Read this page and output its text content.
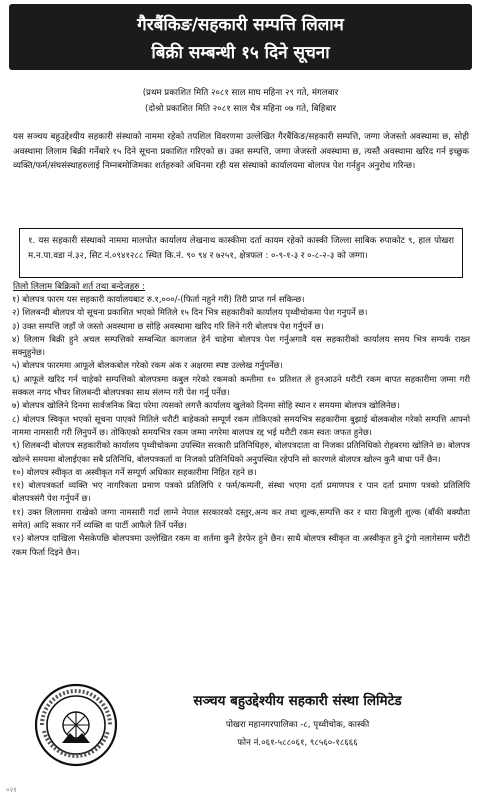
गैरबैंकिङ/सहकारी सम्पत्ति लिलाम
बिक्री सम्बन्धी १५ दिने सूचना
(प्रथम प्रकाशित मिति २०८१ साल माघ महिना २९ गते, मंगलबार
(दोश्रो प्रकाशित मिति २०८१ साल चैत्र महिना ०७ गते, बिहिबार

यस सञ्चय बहुउद्देश्यीय सहकारी संस्थाको नाममा रहेको तपशिल विवरणमा उल्लेखित गैरबैंकिङ/सहकारी सम्पत्ति, जग्गा जेजस्तो अवस्थामा छ, सोही अवस्थामा लिलाम बिक्री गर्नेबारे १५ दिने सूचना प्रकाशित गरिएको छ। उक्त सम्पत्ति, जग्गा जेजस्तो अवस्थामा छ, त्यस्तै अवस्थामा खरिद गर्न इच्छुक व्यक्ति/फर्म/संघसंस्थाहरुलाई निम्नबमोजिमका शर्तहरुको अधिनमा रही यस संस्थाको कार्यालयमा बोलपत्र पेश गर्नहुन अनुरोध गरिन्छ।

१. यस सहकारी संस्थाको नाममा मालपोत कार्यालय लेखनाथ कास्कीमा दर्ता कायम रहेको कास्की जिल्ला साबिक रुपाकोट ९, हाल पोखरा म.न.पा.वडा नं.३२, सिट नं.०९४१२८८ स्थित कि.नं. ९० ९४ र ७२५१, क्षेत्रफल : ०-९-१-३ र ०-८-२-३ को जग्गा।

तिलो लिलाम बिक्रिको शर्त तथा बन्देजहरु :
१) बोलपत्र फारम यस सहकारी कार्यालयबाट रु.१,०००/-(फिर्ता नहुने गरी) तिरी प्राप्त गर्न सकिन्छ।
२) शिलबन्दी बोलपत्र यो सूचना प्रकाशित भएको मितिले १५ दिन भित्र सहकारीको कार्यालय पृथ्वीचोकमा पेश गनुपर्ने छ।
३) उक्त सम्पत्ति जहाँ जे जस्तो अवस्थामा छ सोहि अवस्थामा खरिद गरि लिने गरी बोलपत्र पेश गर्नुपर्ने छ।
४) लिलाम बिक्री हुने अचल सम्पत्तिको सम्बन्धित कागजात हेर्न चाहेमा बोलपत्र पेश गर्नुअगावै यस सहकारीको कार्यालय समय भित्र सम्पर्क राख्न सक्नुहुनेछ।
५) बोलपत्र फारममा आफूले बोलकबोल गरेको रकम अंक र अक्षरमा स्पष्ट उल्लेख गर्नुपर्नेछ।
६) आफूले खरिद गर्न चाहेको सम्पत्तिको बोलपत्रमा कबुल गरेको रकमको कम्तीमा १० प्रतिशत ले हुनआउने धरौटी रकम बापत सहकारीमा जम्मा गरी सक्कल नगद भौचर शिलबन्दी बोलपत्रका साथ संलग्न गरी पेश गर्नु पर्नेछ।
७) बोलपत्र खोलिने दिनमा सार्वजनिक बिदा परेमा त्यसको लगत्तै कार्यालय खुलेको दिनमा सोहि स्थान र समयमा बोलपत्र खोलिनेछ।
८) बोलपत्र स्विकृत भएको सूचना पाएको मितिले धरौटी बाहेकको सम्पूर्ण रकम तोकिएको समयभित्र सहकारीमा बुझाई बोलकबोल गरेको सम्पत्ति आफ्नो नाममा नामसारी गरी लिनुपर्ने छ। तोकिएको समयभित्र रकम जम्मा नगरेमा बालपत्र रद्द भई धरौटी रकम स्वतः जफत हुनेछ।
९) शिलबन्दी बोलपत्र सहकारीको कार्यालय पृथ्वीचोकमा उपस्थित सरकारी प्रतिनिधिहरु, बोलपत्रदाता वा निजका प्रतिनिधिको रोहबरमा खोलिने छ। बोलपत्र खोल्ने समयमा बोलाईएका सबै प्रतिनिधि, बोलपत्रकर्ता वा निजको प्रतिनिधिको अनुपस्थित रहेपनि सो कारणले बोलपत्र खोल्न कुनै बाधा पर्ने छैन।
१०) बोलपत्र स्वीकृत वा अस्वीकृत गर्ने सम्पूर्ण अधिकार सहकारीमा निहित रहने छ।
११) बोलपत्रकर्ता व्यक्ति भए नागरिकता प्रमाण पत्रको प्रतिलिपि र फर्म/कम्पनी, संस्था भएमा दर्ता प्रमाणपत्र र पान दर्ता प्रमाण पत्रको प्रतिलिपि बोलपत्रसंगै पेश गर्नुपर्ने छ।
११) उक्त लिलाममा राखेको जग्गा नामसारी गर्दा लाग्ने नेपाल सरकारको दस्तुर,अन्य कर तथा शुल्क,सम्पत्ति कर र धारा बिजुली शुल्क (बाँकी बक्यौता समेत) आदि सकार गर्ने व्यक्ति वा पार्टी आफैले तिर्ने पर्नेछ।
१२) बोलपत्र दाखिला भैसकेपछि बोलपत्रमा उल्लेखित रकम वा शर्तमा कुनै हेरफेर हुने छैन। साथै बोलपत्र स्वीकृत वा अस्वीकृत हुने टुंगो नलागेसम्म धरौटी रकम फिर्ता दिइने छैन।
सञ्चय बहुउद्देश्यीय सहकारी संस्था लिमिटेड
पोखरा महानगरपालिका -८, पृथ्वीचोक, कास्की
फोन नं.०६१-५८८०६१, ९८५६०-१८६६६
०२१
